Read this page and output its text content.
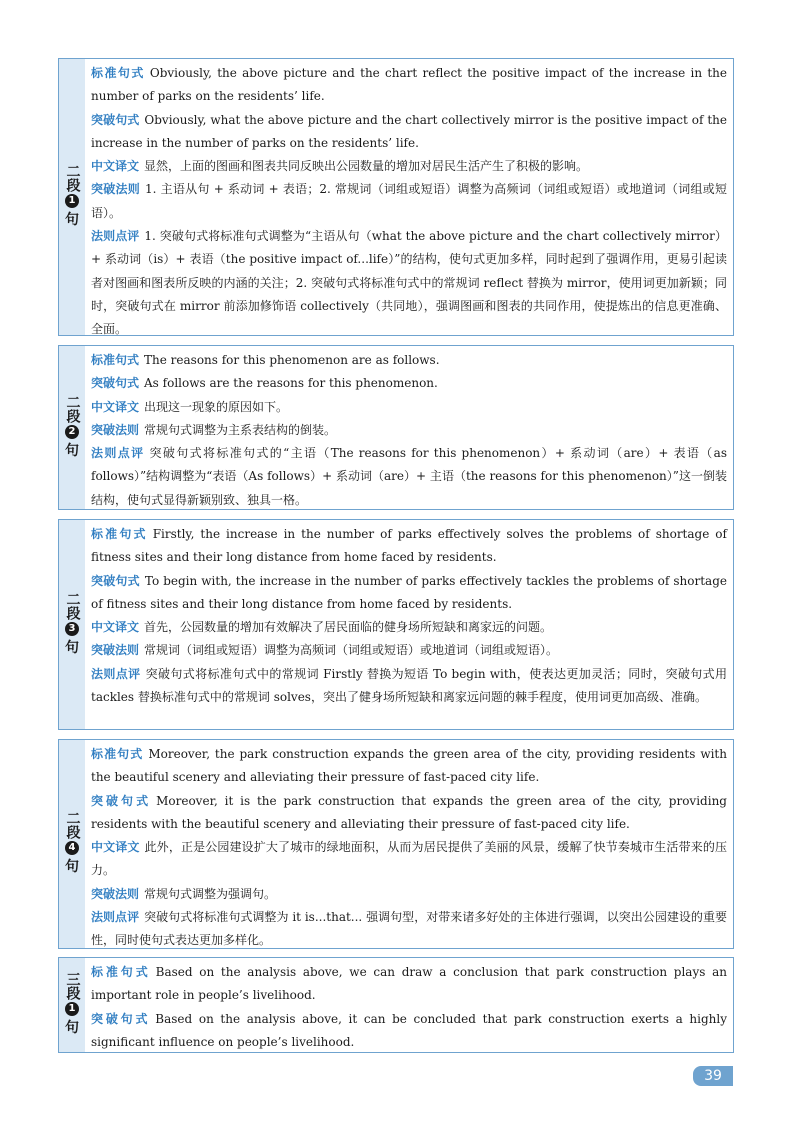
二段
1
句
标准句式 Obviously, the above picture and the chart reflect the positive impact of the increase in the number of parks on the residents’ life.
突破句式 Obviously, what the above picture and the chart collectively mirror is the positive impact of the increase in the number of parks on the residents’ life.
中文译文 显然，上面的图画和图表共同反映出公园数量的增加对居民生活产生了积极的影响。
突破法则 1. 主语从句 + 系动词 + 表语；2. 常规词（词组或短语）调整为高频词（词组或短语）或地道词（词组或短语）。
法则点评 1. 突破句式将标准句式调整为“主语从句（what the above picture and the chart collectively mirror）+ 系动词（is）+ 表语（the positive impact of...life）”的结构，使句式更加多样，同时起到了强调作用，更易引起读者对图画和图表所反映的内涵的关注；2. 突破句式将标准句式中的常规词 reflect 替换为 mirror，使用词更加新颖；同时，突破句式在 mirror 前添加修饰语 collectively（共同地），强调图画和图表的共同作用，使提炼出的信息更准确、全面。
二段
2
句
标准句式 The reasons for this phenomenon are as follows.
突破句式 As follows are the reasons for this phenomenon.
中文译文 出现这一现象的原因如下。
突破法则 常规句式调整为主系表结构的倒装。
法则点评 突破句式将标准句式的“主语（The reasons for this phenomenon）+ 系动词（are）+ 表语（as follows）”结构调整为“表语（As follows）+ 系动词（are）+ 主语（the reasons for this phenomenon）”这一倒装结构，使句式显得新颖别致、独具一格。
二段
3
句
标准句式 Firstly, the increase in the number of parks effectively solves the problems of shortage of fitness sites and their long distance from home faced by residents.
突破句式 To begin with, the increase in the number of parks effectively tackles the problems of shortage of fitness sites and their long distance from home faced by residents.
中文译文 首先，公园数量的增加有效解决了居民面临的健身场所短缺和离家远的问题。
突破法则 常规词（词组或短语）调整为高频词（词组或短语）或地道词（词组或短语）。
法则点评 突破句式将标准句式中的常规词 Firstly 替换为短语 To begin with，使表达更加灵活；同时，突破句式用 tackles 替换标准句式中的常规词 solves，突出了健身场所短缺和离家远问题的棘手程度，使用词更加高级、准确。
二段
4
句
标准句式 Moreover, the park construction expands the green area of the city, providing residents with the beautiful scenery and alleviating their pressure of fast-paced city life.
突破句式 Moreover, it is the park construction that expands the green area of the city, providing residents with the beautiful scenery and alleviating their pressure of fast-paced city life.
中文译文 此外，正是公园建设扩大了城市的绿地面积，从而为居民提供了美丽的风景，缓解了快节奏城市生活带来的压力。
突破法则 常规句式调整为强调句。
法则点评 突破句式将标准句式调整为 it is...that... 强调句型，对带来诸多好处的主体进行强调，以突出公园建设的重要性，同时使句式表达更加多样化。
三段
1
句
标准句式 Based on the analysis above, we can draw a conclusion that park construction plays an important role in people’s livelihood.
突破句式 Based on the analysis above, it can be concluded that park construction exerts a highly significant influence on people’s livelihood.
39
